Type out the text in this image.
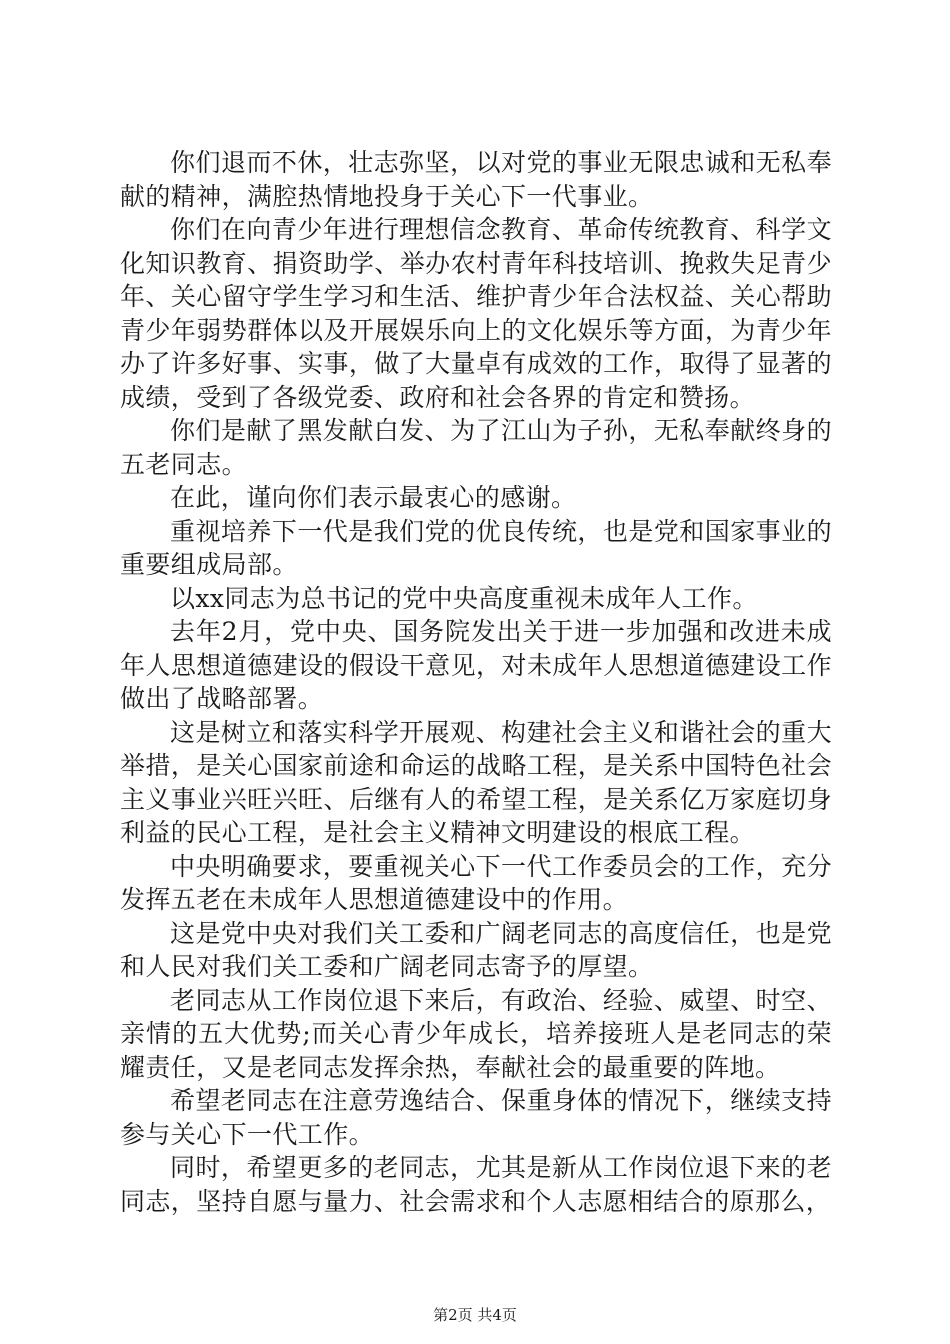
你们退而不休，壮志弥坚，以对党的事业无限忠诚和无私奉献的精神，满腔热情地投身于关心下一代事业。

你们在向青少年进行理想信念教育、革命传统教育、科学文化知识教育、捐资助学、举办农村青年科技培训、挽救失足青少年、关心留守学生学习和生活、维护青少年合法权益、关心帮助青少年弱势群体以及开展娱乐向上的文化娱乐等方面，为青少年办了许多好事、实事，做了大量卓有成效的工作，取得了显著的成绩，受到了各级党委、政府和社会各界的肯定和赞扬。

你们是献了黑发献白发、为了江山为子孙，无私奉献终身的五老同志。

在此，谨向你们表示最衷心的感谢。

重视培养下一代是我们党的优良传统，也是党和国家事业的重要组成局部。

以xx同志为总书记的党中央高度重视未成年人工作。

去年2月，党中央、国务院发出关于进一步加强和改进未成年人思想道德建设的假设干意见，对未成年人思想道德建设工作做出了战略部署。

这是树立和落实科学开展观、构建社会主义和谐社会的重大举措，是关心国家前途和命运的战略工程，是关系中国特色社会主义事业兴旺兴旺、后继有人的希望工程，是关系亿万家庭切身利益的民心工程，是社会主义精神文明建设的根底工程。

中央明确要求，要重视关心下一代工作委员会的工作，充分发挥五老在未成年人思想道德建设中的作用。

这是党中央对我们关工委和广阔老同志的高度信任，也是党和人民对我们关工委和广阔老同志寄予的厚望。

老同志从工作岗位退下来后，有政治、经验、威望、时空、亲情的五大优势;而关心青少年成长，培养接班人是老同志的荣耀责任，又是老同志发挥余热，奉献社会的最重要的阵地。

希望老同志在注意劳逸结合、保重身体的情况下，继续支持参与关心下一代工作。

同时，希望更多的老同志，尤其是新从工作岗位退下来的老同志，坚持自愿与量力、社会需求和个人志愿相结合的原那么，

第2页 共4页
